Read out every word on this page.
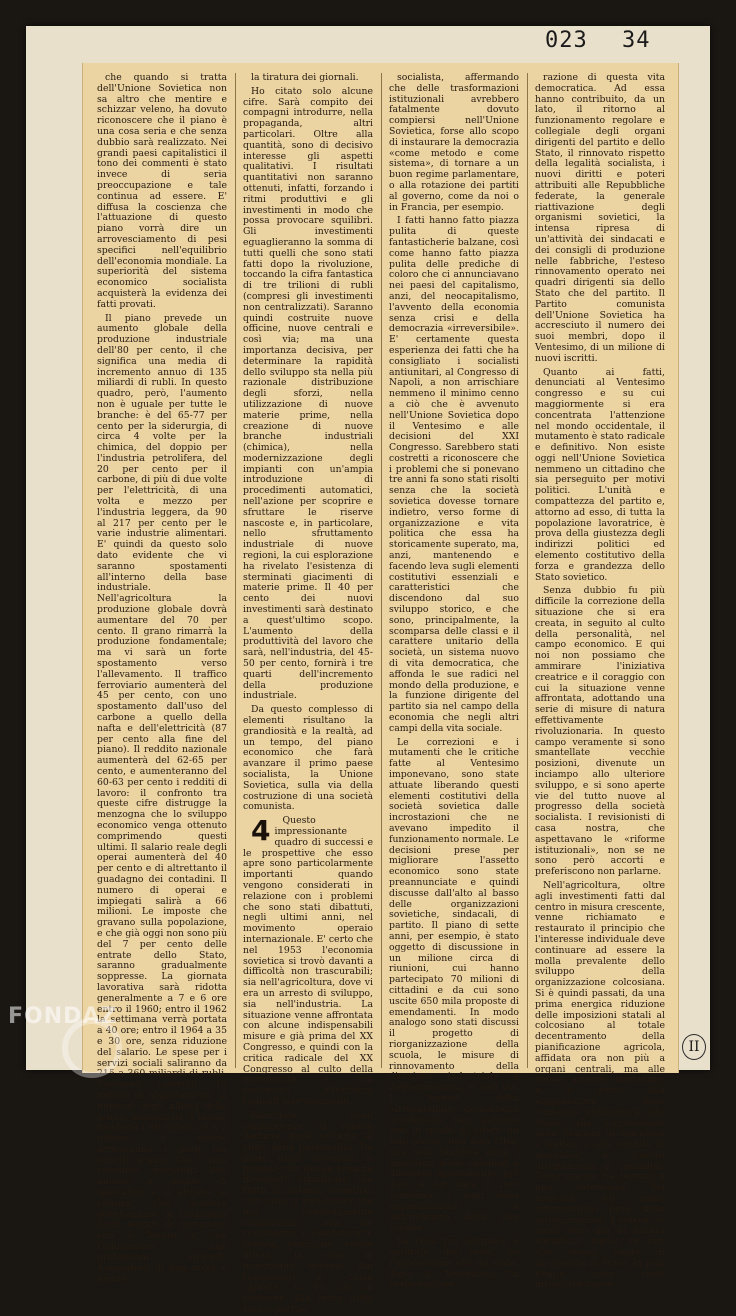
023 34

che quando si tratta dell'Unione Sovietica non sa altro che mentire e schizzar veleno, ha dovuto riconoscere che il piano è una cosa seria e che senza dubbio sarà realizzato. Nei grandi paesi capitalistici il tono dei commenti è stato invece di seria preoccupazione e tale continua ad essere. E' diffusa la coscienza che l'attuazione di questo piano vorrà dire un arrovesciamento di pesi specifici nell'equilibrio dell'economia mondiale. La superiorità del sistema economico socialista acquisterà la evidenza dei fatti provati.

Il piano prevede un aumento globale della produzione industriale dell'80 per cento, il che significa una media di incremento annuo di 135 miliardi di rubli. In questo quadro, però, l'aumento non è uguale per tutte le branche: è del 65-77 per cento per la siderurgia, di circa 4 volte per la chimica, del doppio per l'industria petrolifera, del 20 per cento per il carbone, di più di due volte per l'elettricità, di una volta e mezzo per l'industria leggera, da 90 al 217 per cento per le varie industrie alimentari. E' quindi da questo solo dato evidente che vi saranno spostamenti all'interno della base industriale. Nell'agricoltura la produzione globale dovrà aumentare del 70 per cento. Il grano rimarrà la produzione fondamentale; ma vi sarà un forte spostamento verso l'allevamento. Il traffico ferroviario aumenterà del 45 per cento, con uno spostamento dall'uso del carbone a quello della nafta e dell'elettricità (87 per cento alla fine del piano). Il reddito nazionale aumenterà del 62-65 per cento, e aumenteranno del 60-63 per cento i redditi di lavoro: il confronto tra queste cifre distrugge la menzogna che lo sviluppo economico venga ottenuto comprimendo questi ultimi. Il salario reale degli operai aumenterà del 40 per cento e di altrettanto il guadagno dei contadini. Il numero di operai e impiegati salirà a 66 milioni. Le imposte che gravano sulla popolazione, e che già oggi non sono più del 7 per cento delle entrate dello Stato, saranno gradualmente soppresse. La giornata lavorativa sarà ridotta generalmente a 7 e 6 ore entro il 1960; entro il 1962 la settimana verrà portata a 40 ore; entro il 1964 a 35 e 30 ore, senza riduzione del salario. Le spese per i servizi sociali saliranno da 215 a 360 miliardi di rubli. Verranno costruiti 15 milioni di appartamenti. Il numero degli allievi delle scuole elementari e medie toccherà i 40 milioni, e a 2 milioni e mezzo arriveranno i posti nei convitti scuola. Nei 7 anni verranno preparati due milioni e mezzo di specialisti e si attuerà la riforma che fonderà strettamente la frequenza degli istituti di istruzione con il lavoro e con l'educazione alle professioni speciali. Aumenterà di una volta e mezzo

la tiratura dei giornali.

Ho citato solo alcune cifre. Sarà compito dei compagni introdurre, nella propaganda, altri particolari. Oltre alla quantità, sono di decisivo interesse gli aspetti qualitativi. I risultati quantitativi non saranno ottenuti, infatti, forzando i ritmi produttivi e gli investimenti in modo che possa provocare squilibri. Gli investimenti eguaglieranno la somma di tutti quelli che sono stati fatti dopo la rivoluzione, toccando la cifra fantastica di tre trilioni di rubli (compresi gli investimenti non centralizzati). Saranno quindi costruite nuove officine, nuove centrali e così via; ma una importanza decisiva, per determinare la rapidità dello sviluppo sta nella più razionale distribuzione degli sforzi, nella utilizzazione di nuove materie prime, nella creazione di nuove branche industriali (chimica), nella modernizzazione degli impianti con un'ampia introduzione di procedimenti automatici, nell'azione per scoprire e sfruttare le riserve nascoste e, in particolare, nello sfruttamento industriale di nuove regioni, la cui esplorazione ha rivelato l'esistenza di sterminati giacimenti di materie prime. Il 40 per cento dei nuovi investimenti sarà destinato a quest'ultimo scopo. L'aumento della produttività del lavoro che sarà, nell'industria, del 45-50 per cento, fornirà i tre quarti dell'incremento della produzione industriale.

Da questo complesso di elementi risultano la grandiosità e la realtà, ad un tempo, del piano economico che farà avanzare il primo paese socialista, la Unione Sovietica, sulla via della costruzione di una società comunista.

4 Questo impressionante quadro di successi e le prospettive che esso apre sono particolarmente importanti quando vengono considerati in relazione con i problemi che sono stati dibattuti, negli ultimi anni, nel movimento operaio internazionale. E' certo che nel 1953 l'economia sovietica si trovò davanti a difficoltà non trascurabili; sia nell'agricoltura, dove vi era un arresto di sviluppo, sia nell'industria. La situazione venne affrontata con alcune indispensabili misure e già prima del XX Congresso, e quindi con la critica radicale del XX Congresso al culto della personalità e con successivi altrettanto radicali provvedimenti.

Ricordate quali conseguenze si vollero dedurre dalle critiche al culto della personalità. Da parte degli avversari si pretese che quelle critiche dovessero significare che tutto il sistema sovietico, che tutto il socialismo che noi concretamente conosciamo, era da respingersi e condannarsi. Questa posizione venne difesa, in seno al movimento operaio, dai revisionisti e, come saprete, vi fu chi la sostenne alla testa dello stesso partito

socialista, affermando che delle trasformazioni istituzionali avrebbero fatalmente dovuto compiersi nell'Unione Sovietica, forse allo scopo di instaurare la democrazia «come metodo e come sistema», di tornare a un buon regime parlamentare, o alla rotazione dei partiti al governo, come da noi o in Francia, per esempio.

I fatti hanno fatto piazza pulita di queste fantasticherie balzane, così come hanno fatto piazza pulita delle prediche di coloro che ci annunciavano nei paesi del capitalismo, anzi, del neocapitalismo, l'avvento della economia senza crisi e della democrazia «irreversibile». E' certamente questa esperienza dei fatti che ha consigliato i socialisti antiunitari, al Congresso di Napoli, a non arrischiare nemmeno il minimo cenno a ciò che è avvenuto nell'Unione Sovietica dopo il Ventesimo e alle decisioni del XXI Congresso. Sarebbero stati costretti a riconoscere che i problemi che si ponevano tre anni fa sono stati risolti senza che la società sovietica dovesse tornare indietro, verso forme di organizzazione e vita politica che essa ha storicamente superato, ma, anzi, mantenendo e facendo leva sugli elementi costitutivi essenziali e caratteristici che discendono dal suo sviluppo storico, e che sono, principalmente, la scomparsa delle classi e il carattere unitario della società, un sistema nuovo di vita democratica, che affonda le sue radici nel mondo della produzione, e la funzione dirigente del partito sia nel campo della economia che negli altri campi della vita sociale.

Le correzioni e i mutamenti che le critiche fatte al Ventesimo imponevano, sono state attuate liberando questi elementi costitutivi della società sovietica dalle incrostazioni che ne avevano impedito il funzionamento normale. Le decisioni prese per migliorare l'assetto economico sono state preannunciate e quindi discusse dall'alto al basso delle organizzazioni sovietiche, sindacali, di partito. Il piano di sette anni, per esempio, è stato oggetto di discussione in un milione circa di riunioni, cui hanno partecipato 70 milioni di cittadini e da cui sono uscite 650 mila proposte di emendamenti. In modo analogo sono stati discussi il progetto di riorganizzazione della scuola, le misure di rinnovamento della direzione industriale e dell'agricoltura, e così via. I fautori della «irreversibile» democrazia occidentale non saranno mai in grado di citare un solo paese, una sola città, una sola fabbrica dove i lavoratori siano chiamati a dibattere apertamente, per dare e far dare il loro consenso, i temi della organizzazione e dell'indirizzo della vita sociale.

La cosa più semplice e naturale, del resto, ho l'impressione che sia stata, dopo il Ventesimo, la restaurazione

razione di questa vita democratica. Ad essa hanno contribuito, da un lato, il ritorno al funzionamento regolare e collegiale degli organi dirigenti del partito e dello Stato, il rinnovato rispetto della legalità socialista, i nuovi diritti e poteri attribuiti alle Repubbliche federate, la generale riattivazione degli organismi sovietici, la intensa ripresa di un'attività dei sindacati e dei consigli di produzione nelle fabbriche, l'esteso rinnovamento operato nei quadri dirigenti sia dello Stato che del partito. Il Partito comunista dell'Unione Sovietica ha accresciuto il numero dei suoi membri, dopo il Ventesimo, di un milione di nuovi iscritti.

Quanto ai fatti, denunciati al Ventesimo congresso e su cui maggiormente si era concentrata l'attenzione nel mondo occidentale, il mutamento è stato radicale e definitivo. Non esiste oggi nell'Unione Sovietica nemmeno un cittadino che sia perseguito per motivi politici. L'unità e compattezza del partito e, attorno ad esso, di tutta la popolazione lavoratrice, è prova della giustezza degli indirizzi politici ed elemento costitutivo della forza e grandezza dello Stato sovietico.

Senza dubbio fu più difficile la correzione della situazione che si era creata, in seguito al culto della personalità, nel campo economico. E qui noi non possiamo che ammirare l'iniziativa creatrice e il coraggio con cui la situazione venne affrontata, adottando una serie di misure di natura effettivamente rivoluzionaria. In questo campo veramente si sono smantellate vecchie posizioni, divenute un inciampo allo ulteriore sviluppo, e si sono aperte vie del tutto nuove al progresso della società socialista. I revisionisti di casa nostra, che aspettavano le «riforme istituzionali», non se ne sono però accorti e preferiscono non parlarne.

Nell'agricoltura, oltre agli investimenti fatti dal centro in misura crescente, venne richiamato e restaurato il principio che l'interesse individuale deve continuare ad essere la molla prevalente dello sviluppo della organizzazione colcosiana. Si è quindi passati, da una prima energica riduzione delle imposizioni statali al colcosiano al totale decentramento della pianificazione agricola, affidata ora non più a organi centrali, ma alle stesse aziende contadine; si è giunti alla soppressione delle consegne obbligatorie allo Stato, alla soppressione delle Stazioni di macchine e trattori e alla vendita di macchine e trattori direttamente ai contadini. Tutto questo ha portato a una estensione del mercato, sul quale intervengono però delle organizzazioni. I colcos, le quali sono già di natura socialista, anche se non allo stesso modo di un'azienda di Stato. In pari tempo sono state introdotte nuove

II
FONDAZ
